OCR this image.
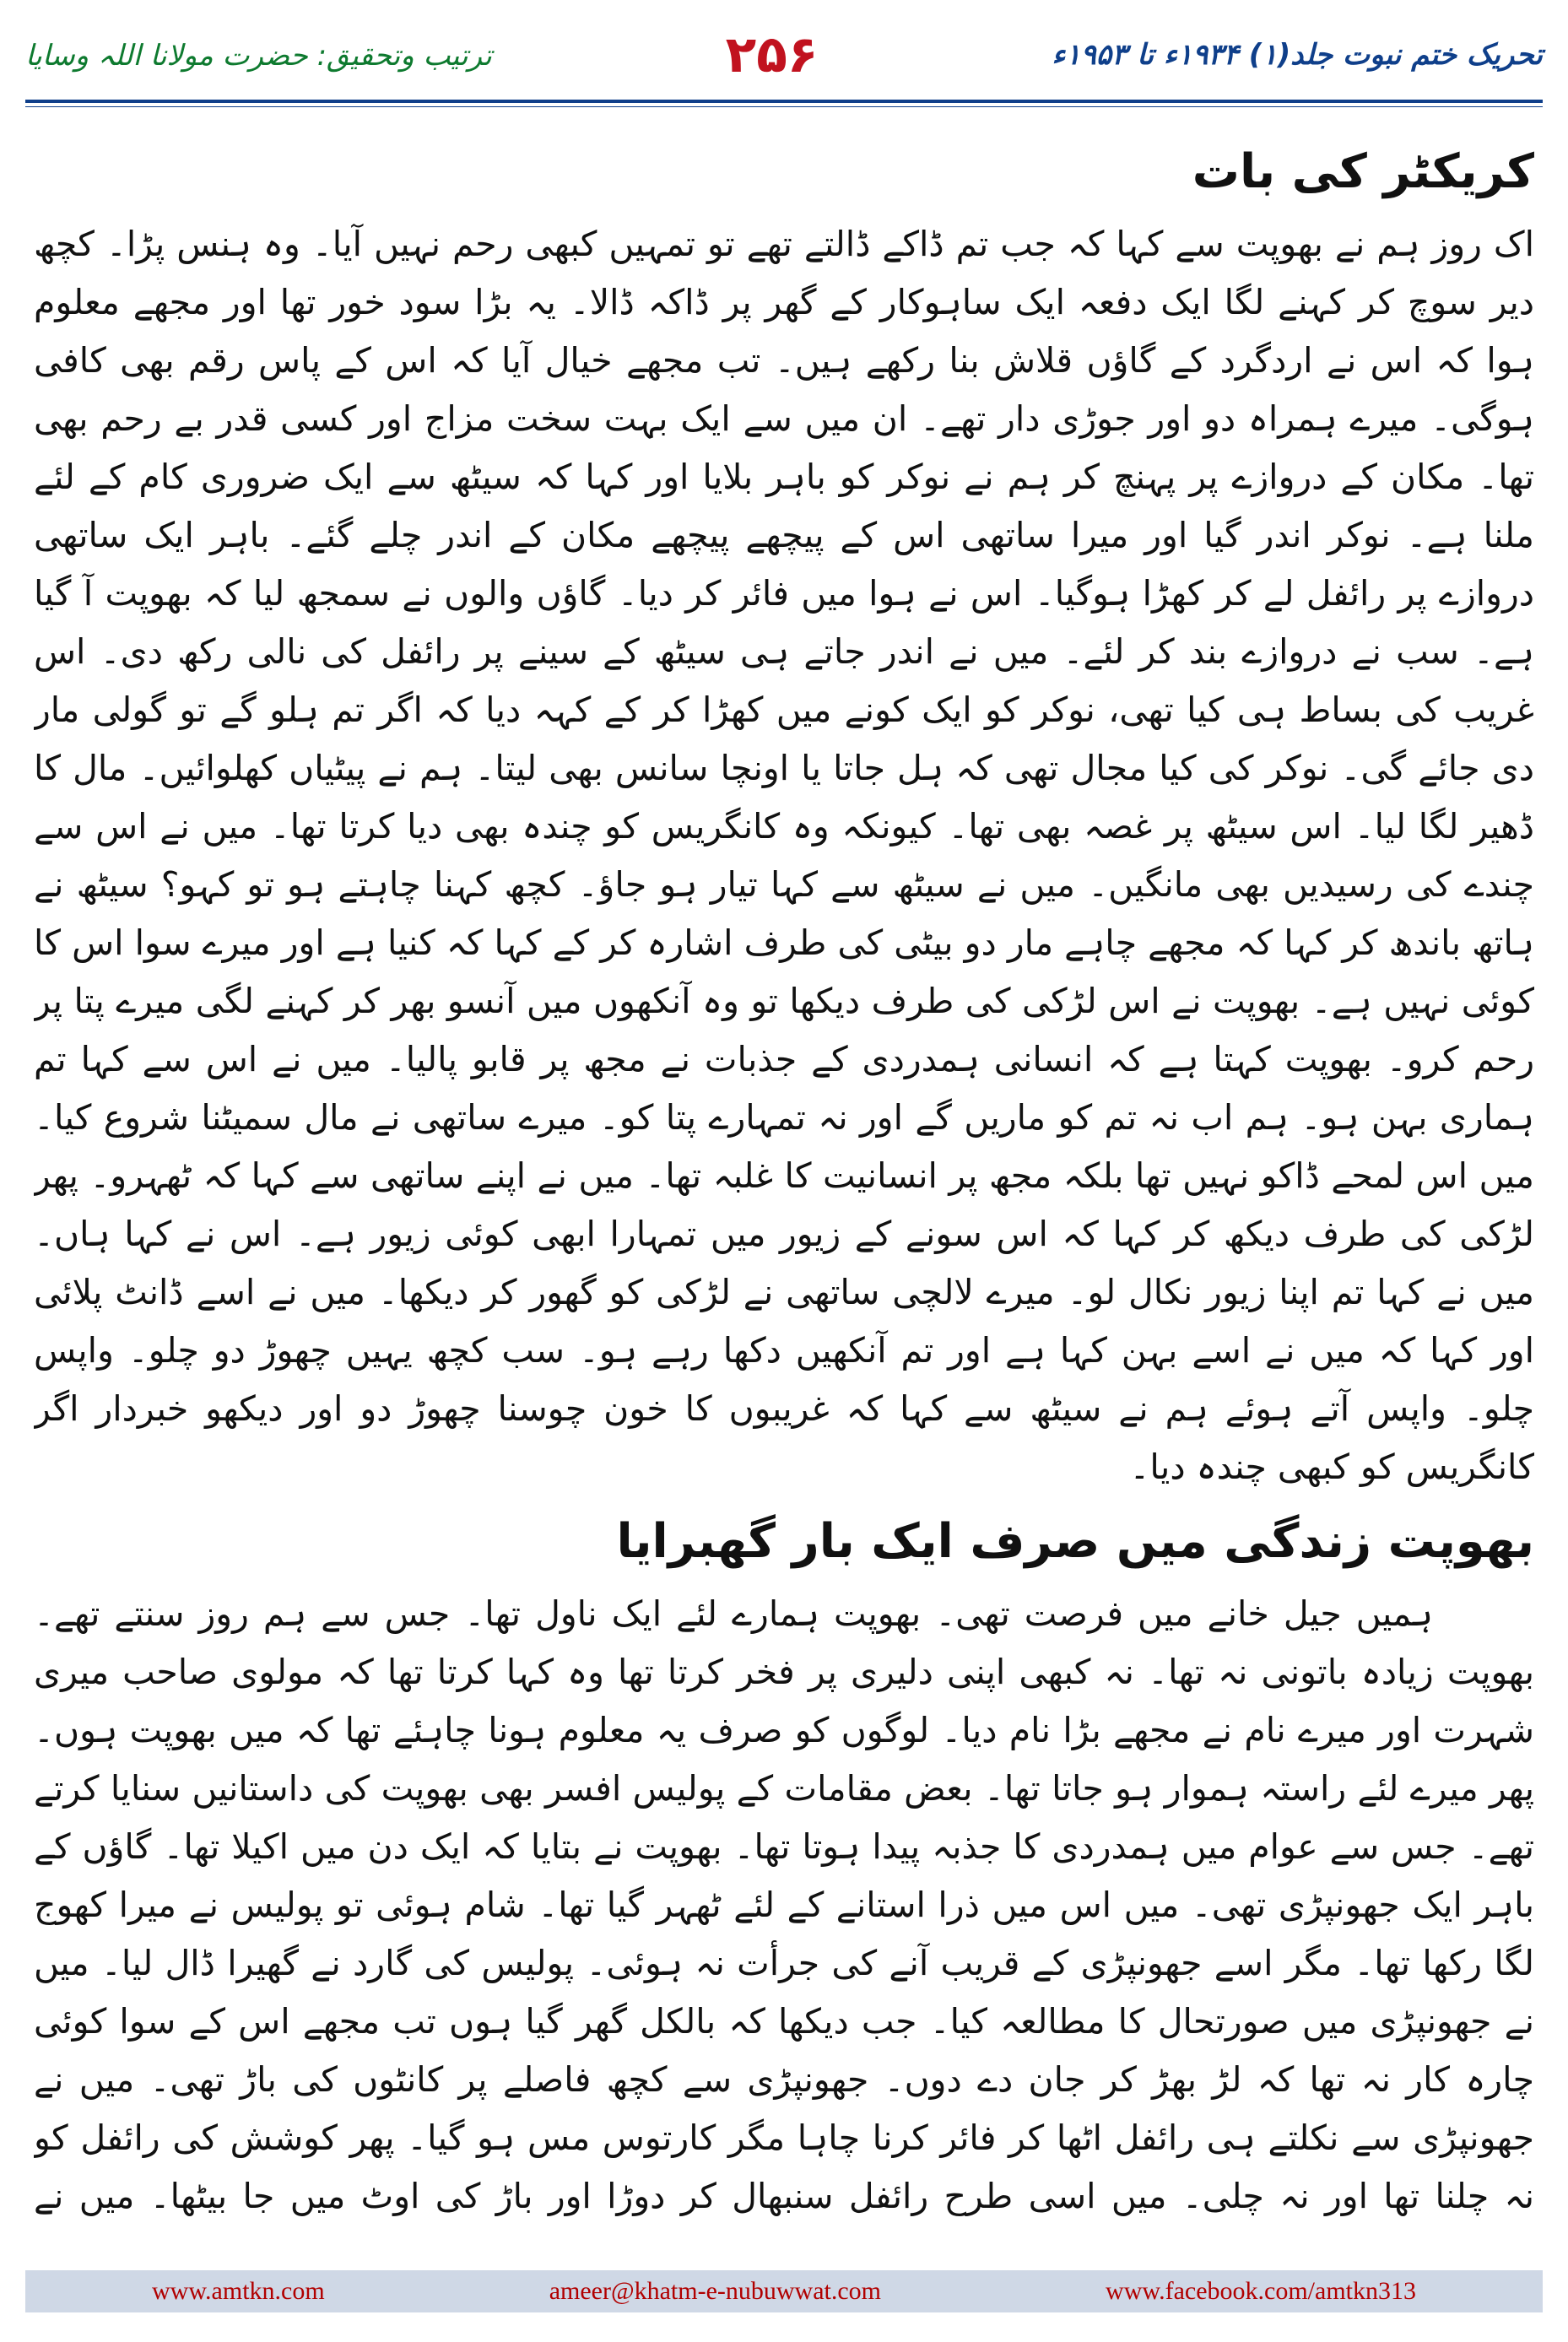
تحریک ختم نبوت جلد(۱) ۱۹۳۴ء تا ۱۹۵۳ء
۲۵۶
ترتیب وتحقیق: حضرت مولانا اللہ وسایا
کریکٹر کی بات

اک روز ہم نے بھوپت سے کہا کہ جب تم ڈاکے ڈالتے تھے تو تمہیں کبھی رحم نہیں آیا۔ وہ ہنس پڑا۔ کچھ دیر سوچ کر کہنے لگا ایک دفعہ ایک ساہوکار کے گھر پر ڈاکہ ڈالا۔ یہ بڑا سود خور تھا اور مجھے معلوم ہوا کہ اس نے اردگرد کے گاؤں قلاش بنا رکھے ہیں۔ تب مجھے خیال آیا کہ اس کے پاس رقم بھی کافی ہوگی۔ میرے ہمراہ دو اور جوڑی دار تھے۔ ان میں سے ایک بہت سخت مزاج اور کسی قدر بے رحم بھی تھا۔ مکان کے دروازے پر پہنچ کر ہم نے نوکر کو باہر بلایا اور کہا کہ سیٹھ سے ایک ضروری کام کے لئے ملنا ہے۔ نوکر اندر گیا اور میرا ساتھی اس کے پیچھے پیچھے مکان کے اندر چلے گئے۔ باہر ایک ساتھی دروازے پر رائفل لے کر کھڑا ہوگیا۔ اس نے ہوا میں فائر کر دیا۔ گاؤں والوں نے سمجھ لیا کہ بھوپت آ گیا ہے۔ سب نے دروازے بند کر لئے۔ میں نے اندر جاتے ہی سیٹھ کے سینے پر رائفل کی نالی رکھ دی۔ اس غریب کی بساط ہی کیا تھی، نوکر کو ایک کونے میں کھڑا کر کے کہہ دیا کہ اگر تم ہلو گے تو گولی مار دی جائے گی۔ نوکر کی کیا مجال تھی کہ ہل جاتا یا اونچا سانس بھی لیتا۔ ہم نے پیٹیاں کھلوائیں۔ مال کا ڈھیر لگا لیا۔ اس سیٹھ پر غصہ بھی تھا۔ کیونکہ وہ کانگریس کو چندہ بھی دیا کرتا تھا۔ میں نے اس سے چندے کی رسیدیں بھی مانگیں۔ میں نے سیٹھ سے کہا تیار ہو جاؤ۔ کچھ کہنا چاہتے ہو تو کہو؟ سیٹھ نے ہاتھ باندھ کر کہا کہ مجھے چاہے مار دو بیٹی کی طرف اشارہ کر کے کہا کہ کنیا ہے اور میرے سوا اس کا کوئی نہیں ہے۔ بھوپت نے اس لڑکی کی طرف دیکھا تو وہ آنکھوں میں آنسو بھر کر کہنے لگی میرے پتا پر رحم کرو۔ بھوپت کہتا ہے کہ انسانی ہمدردی کے جذبات نے مجھ پر قابو پالیا۔ میں نے اس سے کہا تم ہماری بہن ہو۔ ہم اب نہ تم کو ماریں گے اور نہ تمہارے پتا کو۔ میرے ساتھی نے مال سمیٹنا شروع کیا۔ میں اس لمحے ڈاکو نہیں تھا بلکہ مجھ پر انسانیت کا غلبہ تھا۔ میں نے اپنے ساتھی سے کہا کہ ٹھہرو۔ پھر لڑکی کی طرف دیکھ کر کہا کہ اس سونے کے زیور میں تمہارا ابھی کوئی زیور ہے۔ اس نے کہا ہاں۔ میں نے کہا تم اپنا زیور نکال لو۔ میرے لالچی ساتھی نے لڑکی کو گھور کر دیکھا۔ میں نے اسے ڈانٹ پلائی اور کہا کہ میں نے اسے بہن کہا ہے اور تم آنکھیں دکھا رہے ہو۔ سب کچھ یہیں چھوڑ دو چلو۔ واپس چلو۔ واپس آتے ہوئے ہم نے سیٹھ سے کہا کہ غریبوں کا خون چوسنا چھوڑ دو اور دیکھو خبردار اگر کانگریس کو کبھی چندہ دیا۔

بھوپت زندگی میں صرف ایک بار گھبرایا

ہمیں جیل خانے میں فرصت تھی۔ بھوپت ہمارے لئے ایک ناول تھا۔ جس سے ہم روز سنتے تھے۔ بھوپت زیادہ باتونی نہ تھا۔ نہ کبھی اپنی دلیری پر فخر کرتا تھا وہ کہا کرتا تھا کہ مولوی صاحب میری شہرت اور میرے نام نے مجھے بڑا نام دیا۔ لوگوں کو صرف یہ معلوم ہونا چاہئے تھا کہ میں بھوپت ہوں۔ پھر میرے لئے راستہ ہموار ہو جاتا تھا۔ بعض مقامات کے پولیس افسر بھی بھوپت کی داستانیں سنایا کرتے تھے۔ جس سے عوام میں ہمدردی کا جذبہ پیدا ہوتا تھا۔ بھوپت نے بتایا کہ ایک دن میں اکیلا تھا۔ گاؤں کے باہر ایک جھونپڑی تھی۔ میں اس میں ذرا استانے کے لئے ٹھہر گیا تھا۔ شام ہوئی تو پولیس نے میرا کھوج لگا رکھا تھا۔ مگر اسے جھونپڑی کے قریب آنے کی جرأت نہ ہوئی۔ پولیس کی گارد نے گھیرا ڈال لیا۔ میں نے جھونپڑی میں صورتحال کا مطالعہ کیا۔ جب دیکھا کہ بالکل گھر گیا ہوں تب مجھے اس کے سوا کوئی چارہ کار نہ تھا کہ لڑ بھڑ کر جان دے دوں۔ جھونپڑی سے کچھ فاصلے پر کانٹوں کی باڑ تھی۔ میں نے جھونپڑی سے نکلتے ہی رائفل اٹھا کر فائر کرنا چاہا مگر کارتوس مس ہو گیا۔ پھر کوشش کی رائفل کو نہ چلنا تھا اور نہ چلی۔ میں اسی طرح رائفل سنبھال کر دوڑا اور باڑ کی اوٹ میں جا بیٹھا۔ میں نے

www.amtkn.com	ameer@khatm-e-nubuwwat.com	www.facebook.com/amtkn313
